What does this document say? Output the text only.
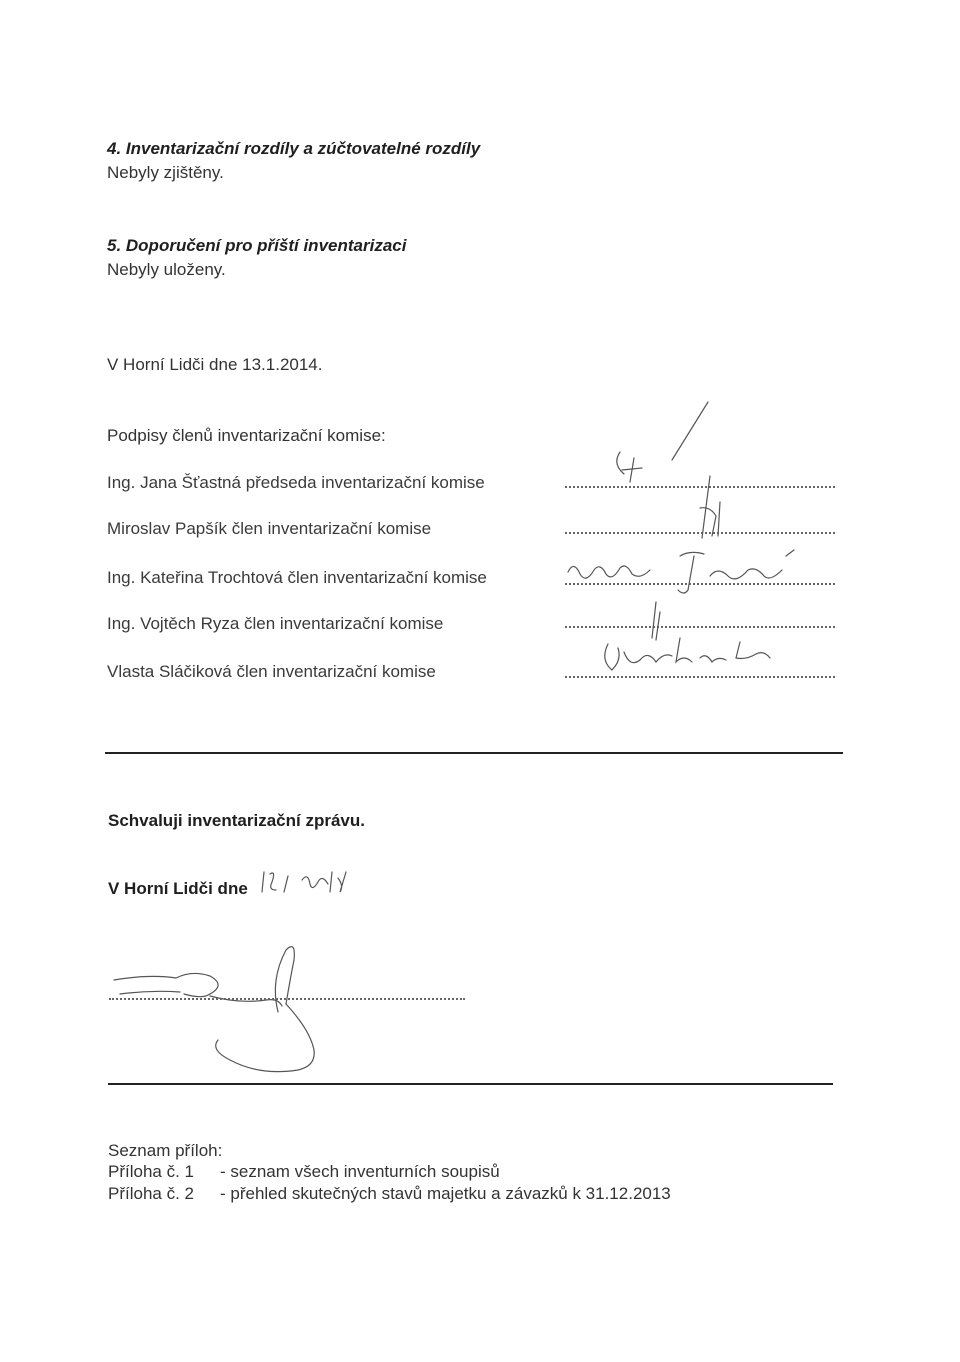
4. Inventarizační rozdíly a zúčtovatelné rozdíly
Nebyly zjištěny.
5. Doporučení pro příští inventarizaci
Nebyly uloženy.
V Horní Lidči dne 13.1.2014.
Podpisy členů inventarizační komise:
Ing. Jana Šťastná předseda inventarizační komise
Miroslav Papšík člen inventarizační komise
Ing. Kateřina Trochtová člen inventarizační komise
Ing. Vojtěch Ryza člen inventarizační komise
Vlasta Sláčiková člen inventarizační komise
Schvaluji inventarizační zprávu.
V Horní Lidči dne
Seznam příloh:
Příloha č. 1 - seznam všech inventurních soupisů
Příloha č. 2 - přehled skutečných stavů majetku a závazků k 31.12.2013
